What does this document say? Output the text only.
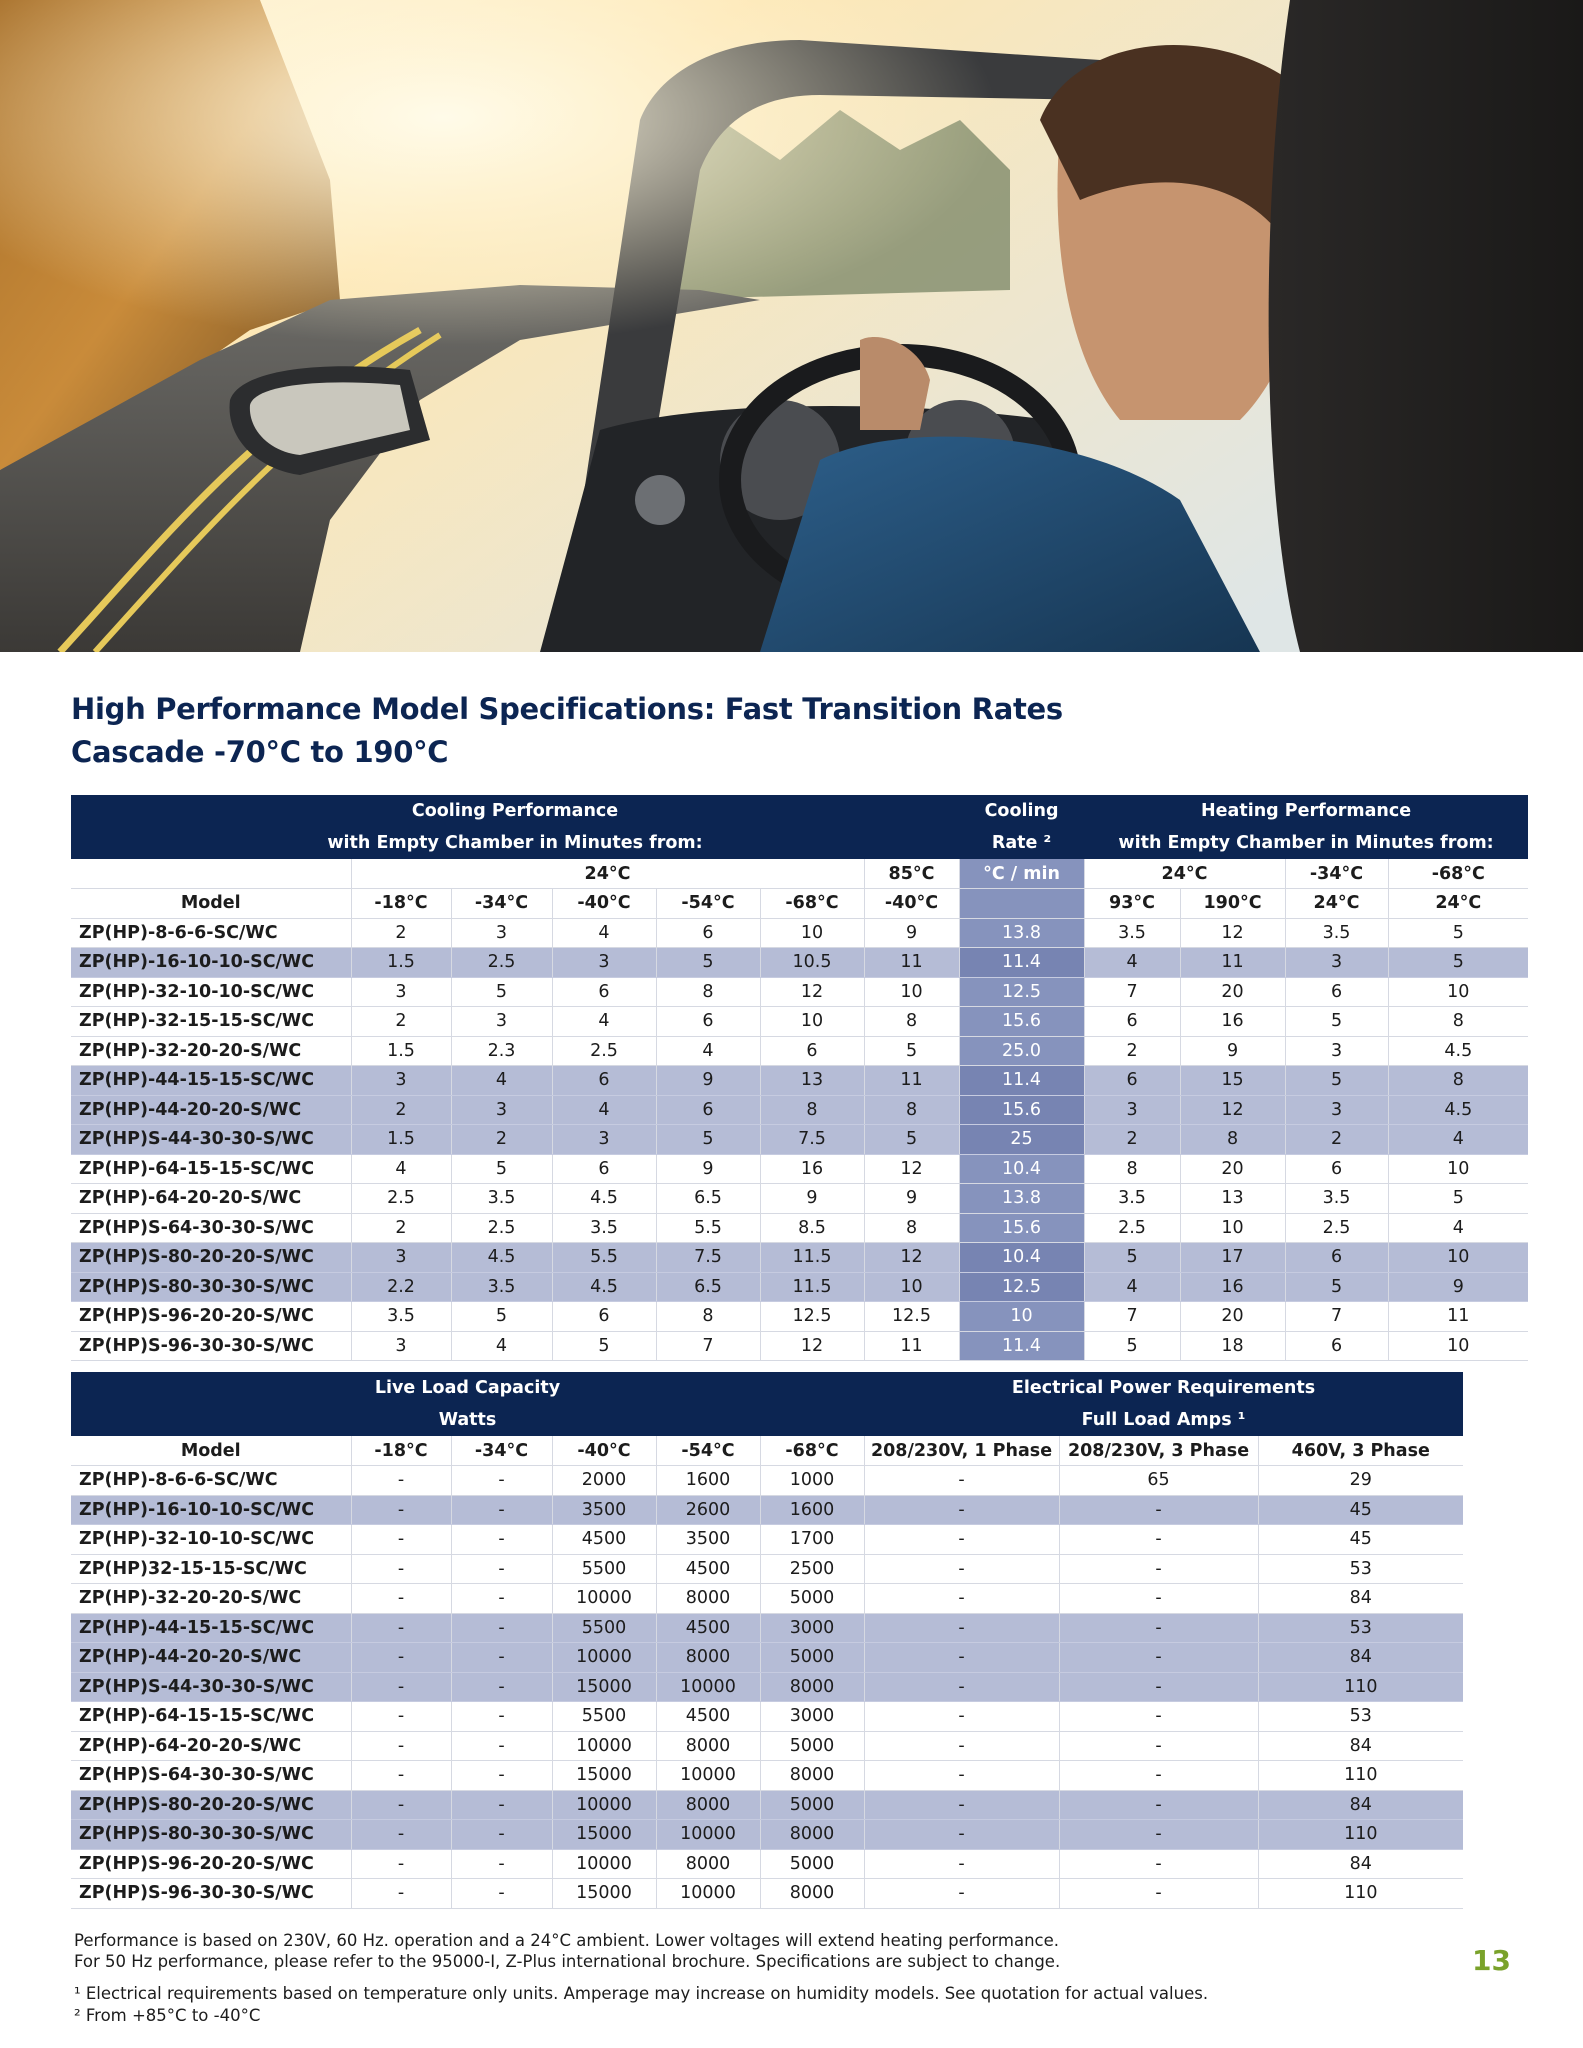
High Performance Model Specifications: Fast Transition Rates
Cascade -70°C to 190°C
Cooling Performance							Cooling	Heating Performance			
with Empty Chamber in Minutes from:							Rate ²	with Empty Chamber in Minutes from:			
	24°C					85°C	°C / min	24°C		-34°C	-68°C
Model	-18°C	-34°C	-40°C	-54°C	-68°C	-40°C		93°C	190°C	24°C	24°C
ZP(HP)-8-6-6-SC/WC	2	3	4	6	10	9	13.8	3.5	12	3.5	5
ZP(HP)-16-10-10-SC/WC	1.5	2.5	3	5	10.5	11	11.4	4	11	3	5
ZP(HP)-32-10-10-SC/WC	3	5	6	8	12	10	12.5	7	20	6	10
ZP(HP)-32-15-15-SC/WC	2	3	4	6	10	8	15.6	6	16	5	8
ZP(HP)-32-20-20-S/WC	1.5	2.3	2.5	4	6	5	25.0	2	9	3	4.5
ZP(HP)-44-15-15-SC/WC	3	4	6	9	13	11	11.4	6	15	5	8
ZP(HP)-44-20-20-S/WC	2	3	4	6	8	8	15.6	3	12	3	4.5
ZP(HP)S-44-30-30-S/WC	1.5	2	3	5	7.5	5	25	2	8	2	4
ZP(HP)-64-15-15-SC/WC	4	5	6	9	16	12	10.4	8	20	6	10
ZP(HP)-64-20-20-S/WC	2.5	3.5	4.5	6.5	9	9	13.8	3.5	13	3.5	5
ZP(HP)S-64-30-30-S/WC	2	2.5	3.5	5.5	8.5	8	15.6	2.5	10	2.5	4
ZP(HP)S-80-20-20-S/WC	3	4.5	5.5	7.5	11.5	12	10.4	5	17	6	10
ZP(HP)S-80-30-30-S/WC	2.2	3.5	4.5	6.5	11.5	10	12.5	4	16	5	9
ZP(HP)S-96-20-20-S/WC	3.5	5	6	8	12.5	12.5	10	7	20	7	11
ZP(HP)S-96-30-30-S/WC	3	4	5	7	12	11	11.4	5	18	6	10
Live Load Capacity						Electrical Power Requirements		
Watts						Full Load Amps ¹		
Model	-18°C	-34°C	-40°C	-54°C	-68°C	208/230V, 1 Phase	208/230V, 3 Phase	460V, 3 Phase
ZP(HP)-8-6-6-SC/WC	-	-	2000	1600	1000	-	65	29
ZP(HP)-16-10-10-SC/WC	-	-	3500	2600	1600	-	-	45
ZP(HP)-32-10-10-SC/WC	-	-	4500	3500	1700	-	-	45
ZP(HP)32-15-15-SC/WC	-	-	5500	4500	2500	-	-	53
ZP(HP)-32-20-20-S/WC	-	-	10000	8000	5000	-	-	84
ZP(HP)-44-15-15-SC/WC	-	-	5500	4500	3000	-	-	53
ZP(HP)-44-20-20-S/WC	-	-	10000	8000	5000	-	-	84
ZP(HP)S-44-30-30-S/WC	-	-	15000	10000	8000	-	-	110
ZP(HP)-64-15-15-SC/WC	-	-	5500	4500	3000	-	-	53
ZP(HP)-64-20-20-S/WC	-	-	10000	8000	5000	-	-	84
ZP(HP)S-64-30-30-S/WC	-	-	15000	10000	8000	-	-	110
ZP(HP)S-80-20-20-S/WC	-	-	10000	8000	5000	-	-	84
ZP(HP)S-80-30-30-S/WC	-	-	15000	10000	8000	-	-	110
ZP(HP)S-96-20-20-S/WC	-	-	10000	8000	5000	-	-	84
ZP(HP)S-96-30-30-S/WC	-	-	15000	10000	8000	-	-	110
Performance is based on 230V, 60 Hz. operation and a 24°C ambient. Lower voltages will extend heating performance.
For 50 Hz performance, please refer to the 95000-I, Z-Plus international brochure. Specifications are subject to change.
¹ Electrical requirements based on temperature only units. Amperage may increase on humidity models. See quotation for actual values.
² From +85°C to -40°C
13
